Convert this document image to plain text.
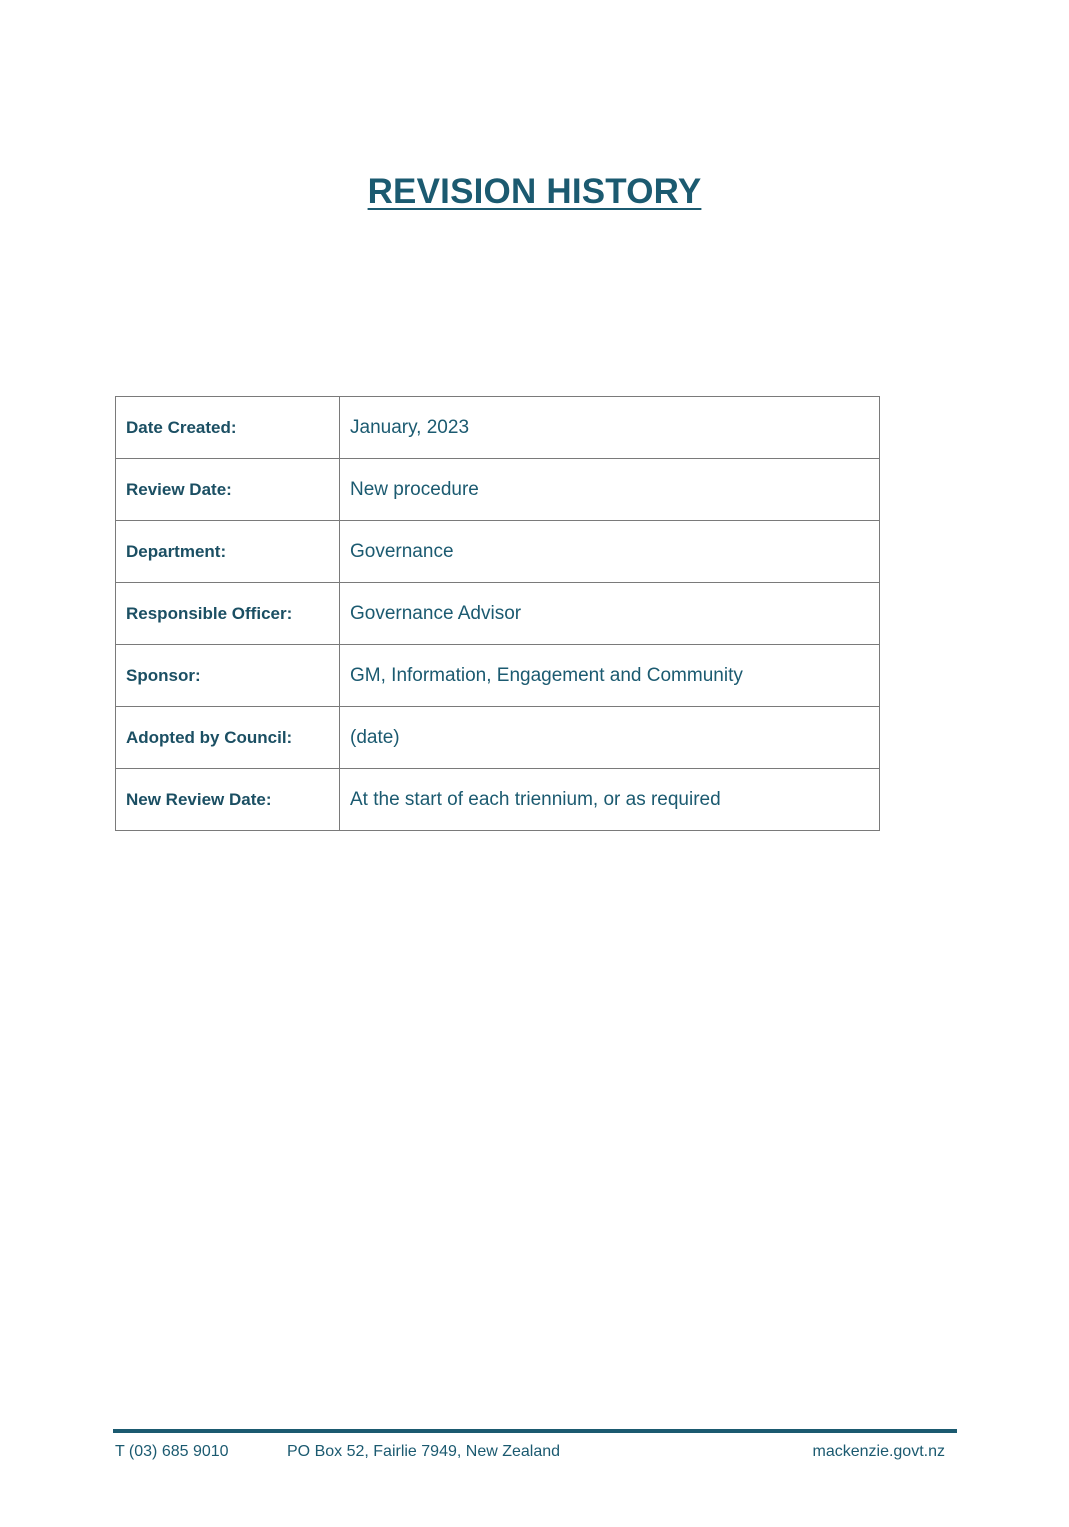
REVISION HISTORY
Date Created:	January, 2023
Review Date:	New procedure
Department:	Governance
Responsible Officer:	Governance Advisor
Sponsor:	GM, Information, Engagement and Community
Adopted by Council:	(date)
New Review Date:	At the start of each triennium, or as required
T (03) 685 9010	PO Box 52, Fairlie 7949, New Zealand	mackenzie.govt.nz
